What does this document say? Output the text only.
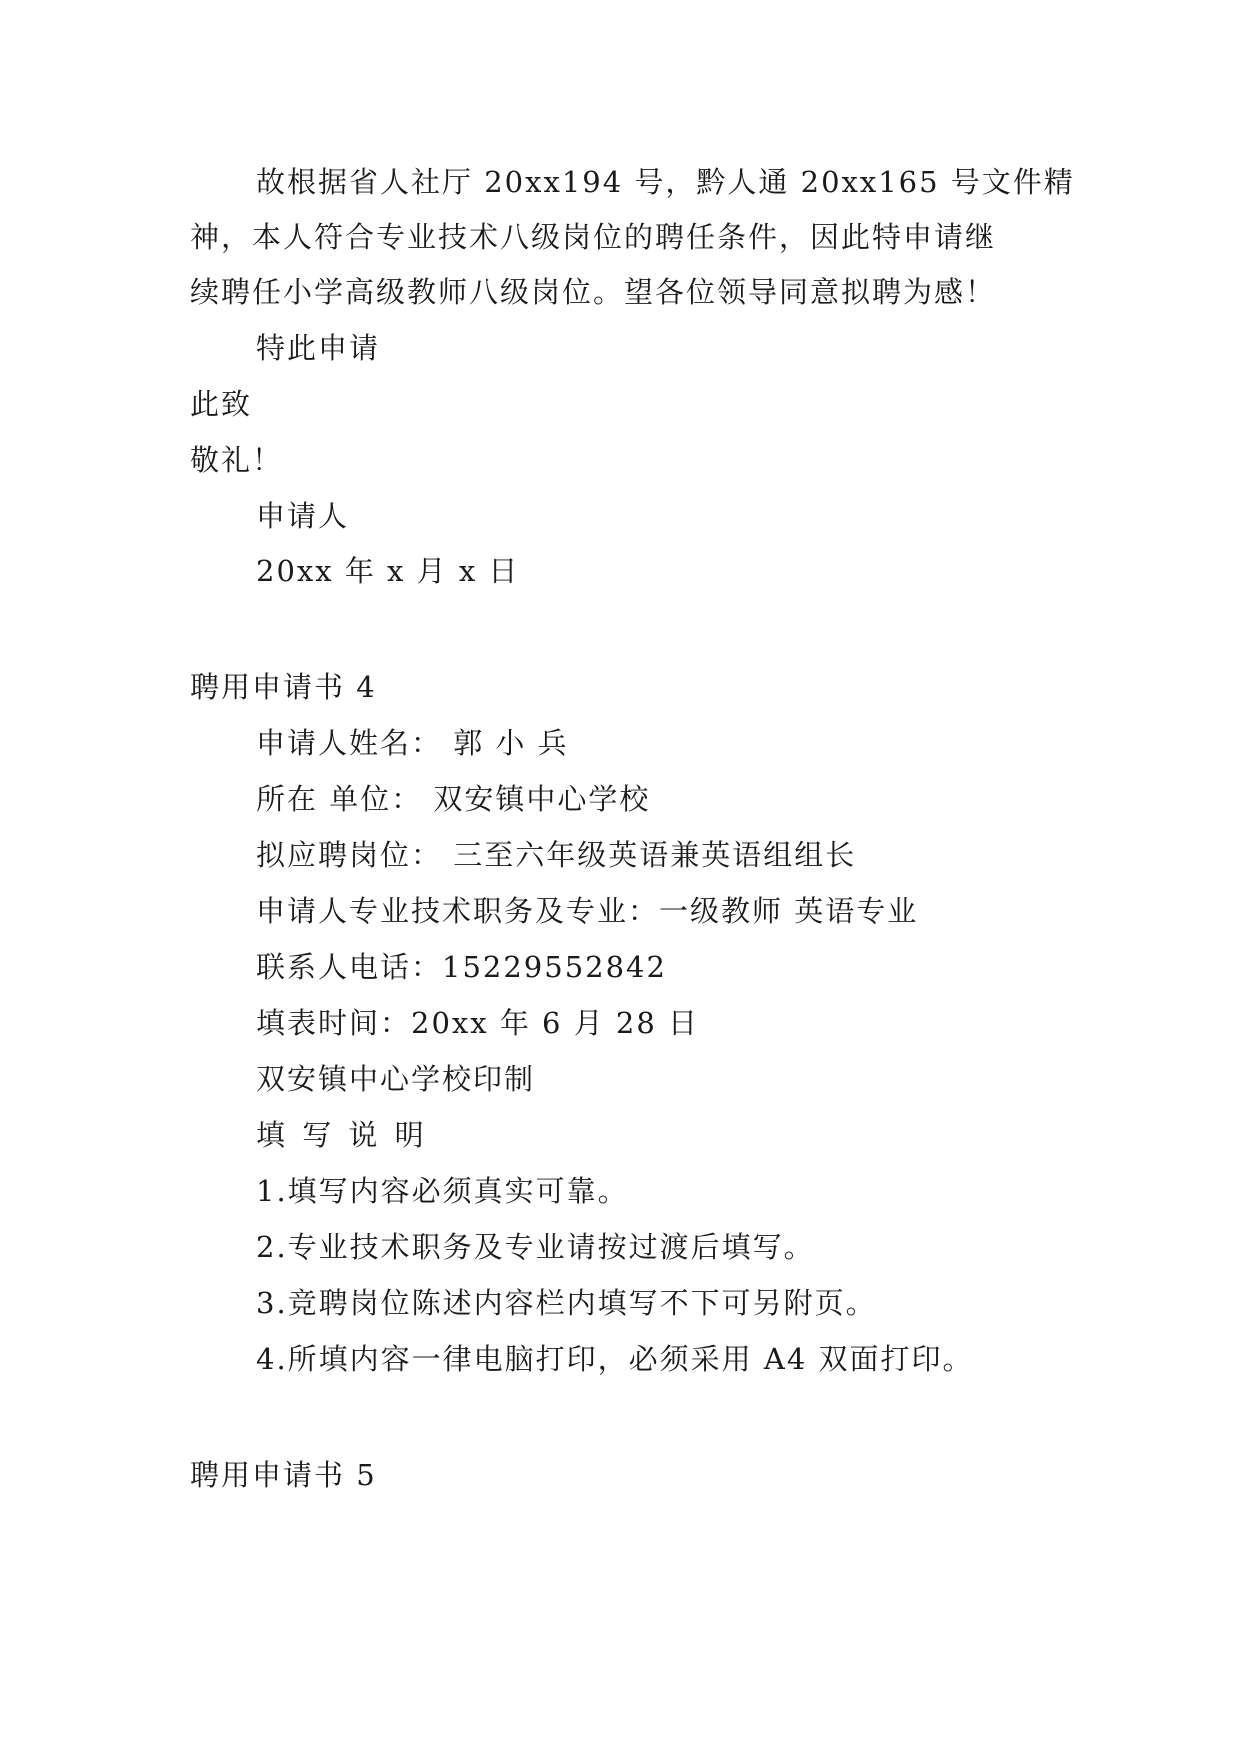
故根据省人社厅 20xx194 号，黔人通 20xx165 号文件精
神，本人符合专业技术八级岗位的聘任条件，因此特申请继
续聘任小学高级教师八级岗位。望各位领导同意拟聘为感！
特此申请
此致
敬礼！
申请人
20xx 年 x 月 x 日
聘用申请书 4
申请人姓名： 郭 小 兵
所在 单位： 双安镇中心学校
拟应聘岗位： 三至六年级英语兼英语组组长
申请人专业技术职务及专业：一级教师 英语专业
联系人电话：15229552842
填表时间：20xx 年 6 月 28 日
双安镇中心学校印制
填 写 说 明
1.填写内容必须真实可靠。
2.专业技术职务及专业请按过渡后填写。
3.竞聘岗位陈述内容栏内填写不下可另附页。
4.所填内容一律电脑打印，必须采用 A4 双面打印。
聘用申请书 5
